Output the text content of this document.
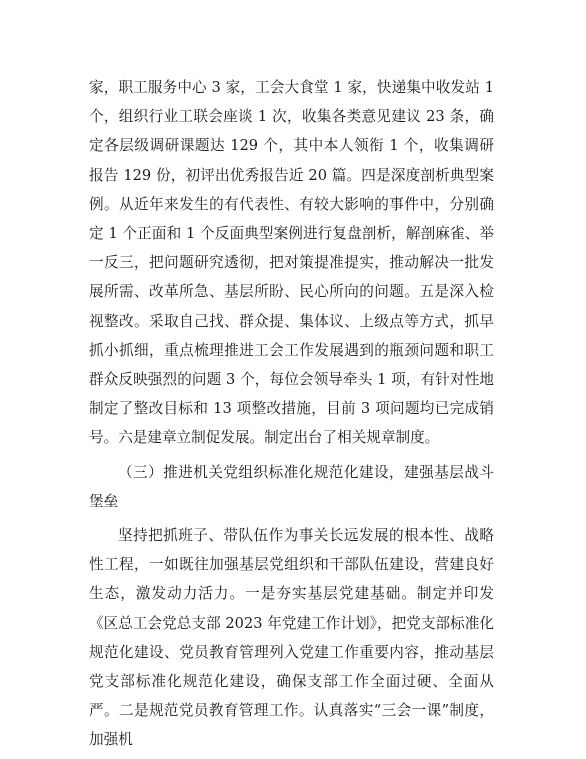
家，职工服务中心 3 家，工会大食堂 1 家，快递集中收发站 1 个，组织行业工联会座谈 1 次，收集各类意见建议 23 条，确定各层级调研课题达 129 个，其中本人领衔 1 个，收集调研报告 129 份，初评出优秀报告近 20 篇。四是深度剖析典型案例。从近年来发生的有代表性、有较大影响的事件中，分别确定 1 个正面和 1 个反面典型案例进行复盘剖析，解剖麻雀、举一反三，把问题研究透彻，把对策提准提实，推动解决一批发展所需、改革所急、基层所盼、民心所向的问题。五是深入检视整改。采取自己找、群众提、集体议、上级点等方式，抓早抓小抓细，重点梳理推进工会工作发展遇到的瓶颈问题和职工群众反映强烈的问题 3 个，每位会领导牵头 1 项，有针对性地制定了整改目标和 13 项整改措施，目前 3 项问题均已完成销号。六是建章立制促发展。制定出台了相关规章制度。

（三）推进机关党组织标准化规范化建设，建强基层战斗堡垒

坚持把抓班子、带队伍作为事关长远发展的根本性、战略性工程，一如既往加强基层党组织和干部队伍建设，营建良好生态，激发动力活力。一是夯实基层党建基础。制定并印发《区总工会党总支部 2023 年党建工作计划》，把党支部标准化规范化建设、党员教育管理列入党建工作重要内容，推动基层党支部标准化规范化建设，确保支部工作全面过硬、全面从严。二是规范党员教育管理工作。认真落实“三会一课”制度，加强机
